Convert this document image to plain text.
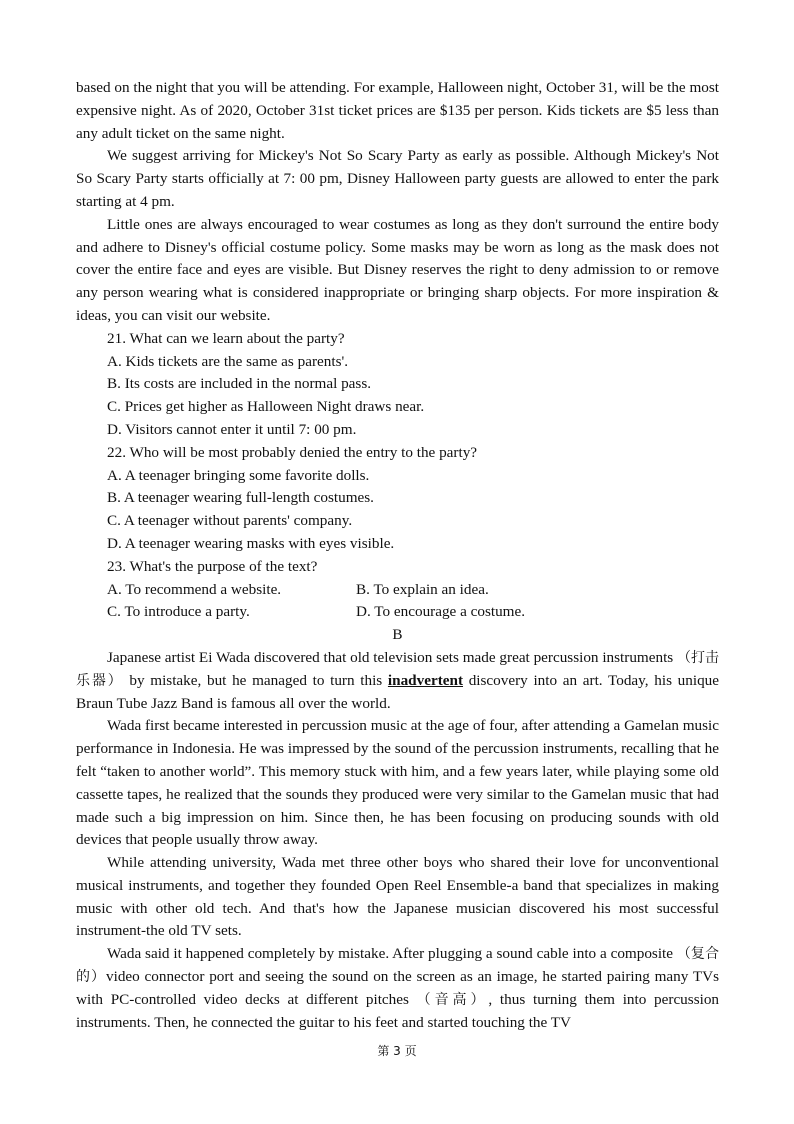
based on the night that you will be attending. For example, Halloween night, October 31, will be the most expensive night. As of 2020, October 31st ticket prices are $135 per person. Kids tickets are $5 less than any adult ticket on the same night.

We suggest arriving for Mickey's Not So Scary Party as early as possible. Although Mickey's Not So Scary Party starts officially at 7: 00 pm, Disney Halloween party guests are allowed to enter the park starting at 4 pm.

Little ones are always encouraged to wear costumes as long as they don't surround the entire body and adhere to Disney's official costume policy. Some masks may be worn as long as the mask does not cover the entire face and eyes are visible. But Disney reserves the right to deny admission to or remove any person wearing what is considered inappropriate or bringing sharp objects. For more inspiration & ideas, you can visit our website.

21. What can we learn about the party?

A. Kids tickets are the same as parents'.

B. Its costs are included in the normal pass.

C. Prices get higher as Halloween Night draws near.

D. Visitors cannot enter it until 7: 00 pm.

22. Who will be most probably denied the entry to the party?

A. A teenager bringing some favorite dolls.

B. A teenager wearing full-length costumes.

C. A teenager without parents' company.

D. A teenager wearing masks with eyes visible.

23. What's the purpose of the text?

A. To recommend a website.	B. To explain an idea.
C. To introduce a party.	D. To encourage a costume.

B

Japanese artist Ei Wada discovered that old television sets made great percussion instruments （打击乐器） by mistake, but he managed to turn this inadvertent discovery into an art. Today, his unique Braun Tube Jazz Band is famous all over the world.

Wada first became interested in percussion music at the age of four, after attending a Gamelan music performance in Indonesia. He was impressed by the sound of the percussion instruments, recalling that he felt “taken to another world”. This memory stuck with him, and a few years later, while playing some old cassette tapes, he realized that the sounds they produced were very similar to the Gamelan music that had made such a big impression on him. Since then, he has been focusing on producing sounds with old devices that people usually throw away.

While attending university, Wada met three other boys who shared their love for unconventional musical instruments, and together they founded Open Reel Ensemble-a band that specializes in making music with other old tech. And that's how the Japanese musician discovered his most successful instrument-the old TV sets.

Wada said it happened completely by mistake. After plugging a sound cable into a composite （复合的）video connector port and seeing the sound on the screen as an image, he started pairing many TVs with PC-controlled video decks at different pitches （音高）, thus turning them into percussion instruments. Then, he connected the guitar to his feet and started touching the TV

第 3 页
